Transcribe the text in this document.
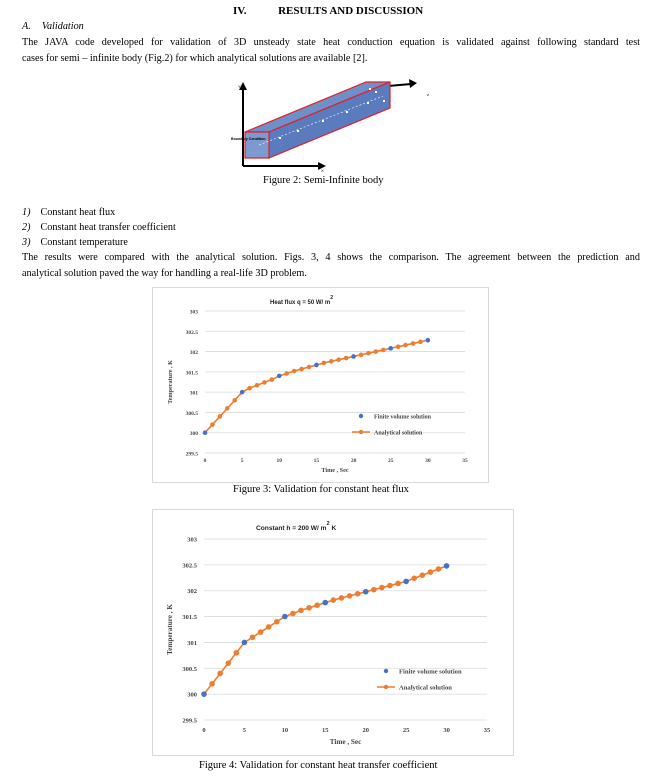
IV.	RESULTS AND DISCUSSION
A. Validation
The JAVA code developed for validation of 3D unsteady state heat conduction equation is validated against following standard test
cases for semi – infinite body (Fig.2) for which analytical solutions are available [2].
Y
z
X
Boundary Condition
Figure 2: Semi-Infinite body
1) Constant heat flux
2) Constant heat transfer coefficient
3) Constant temperature
The results were compared with the analytical solution. Figs. 3, 4 shows the comparison. The agreement between the prediction and
analytical solution paved the way for handling a real-life 3D problem.
299.5
300
300.5
301
301.5
302
302.5
303
0	5	10	15	20	25	30	35
Time , Sec
Temperature , K
Heat flux q = 50 W/ $m^2$
Finite volume solution
Analytical solution
Figure 3: Validation for constant heat flux
299.5
300
300.5
301
301.5
302
302.5
303
0	5	10	15	20	25	30	35
Time , Sec
Temperature , K
Constant h = 200 W/ m2 K
Finite volume solution
Analytical solution
Figure 4: Validation for constant heat transfer coefficient
